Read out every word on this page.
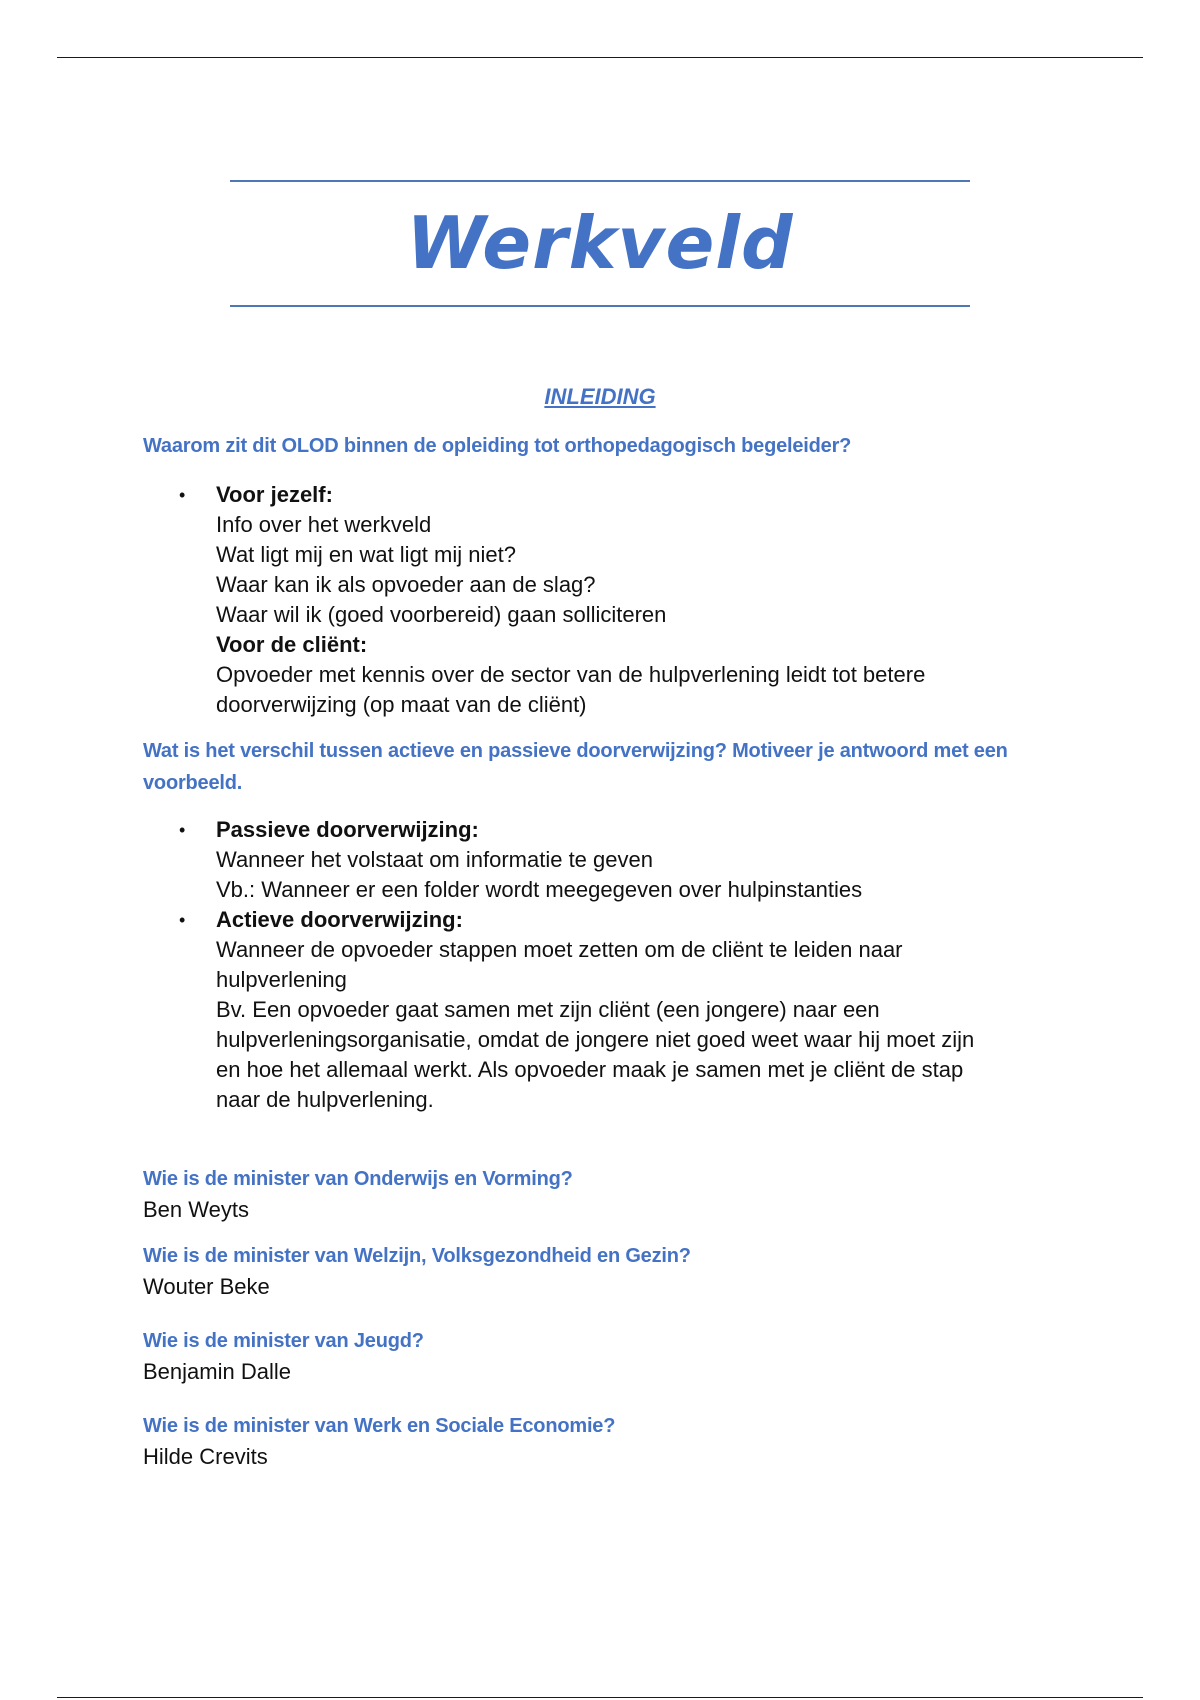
Werkveld
INLEIDING

Waarom zit dit OLOD binnen de opleiding tot orthopedagogisch begeleider?

• Voor jezelf:
Info over het werkveld
Wat ligt mij en wat ligt mij niet?
Waar kan ik als opvoeder aan de slag?
Waar wil ik (goed voorbereid) gaan solliciteren
Voor de cliënt:
Opvoeder met kennis over de sector van de hulpverlening leidt tot betere
doorverwijzing (op maat van de cliënt)

Wat is het verschil tussen actieve en passieve doorverwijzing? Motiveer je antwoord met een voorbeeld.

• Passieve doorverwijzing:
Wanneer het volstaat om informatie te geven
Vb.: Wanneer er een folder wordt meegegeven over hulpinstanties
• Actieve doorverwijzing:
Wanneer de opvoeder stappen moet zetten om de cliënt te leiden naar
hulpverlening
Bv. Een opvoeder gaat samen met zijn cliënt (een jongere) naar een
hulpverleningsorganisatie, omdat de jongere niet goed weet waar hij moet zijn
en hoe het allemaal werkt. Als opvoeder maak je samen met je cliënt de stap
naar de hulpverlening.

Wie is de minister van Onderwijs en Vorming?

Ben Weyts

Wie is de minister van Welzijn, Volksgezondheid en Gezin?

Wouter Beke

Wie is de minister van Jeugd?

Benjamin Dalle

Wie is de minister van Werk en Sociale Economie?

Hilde Crevits
